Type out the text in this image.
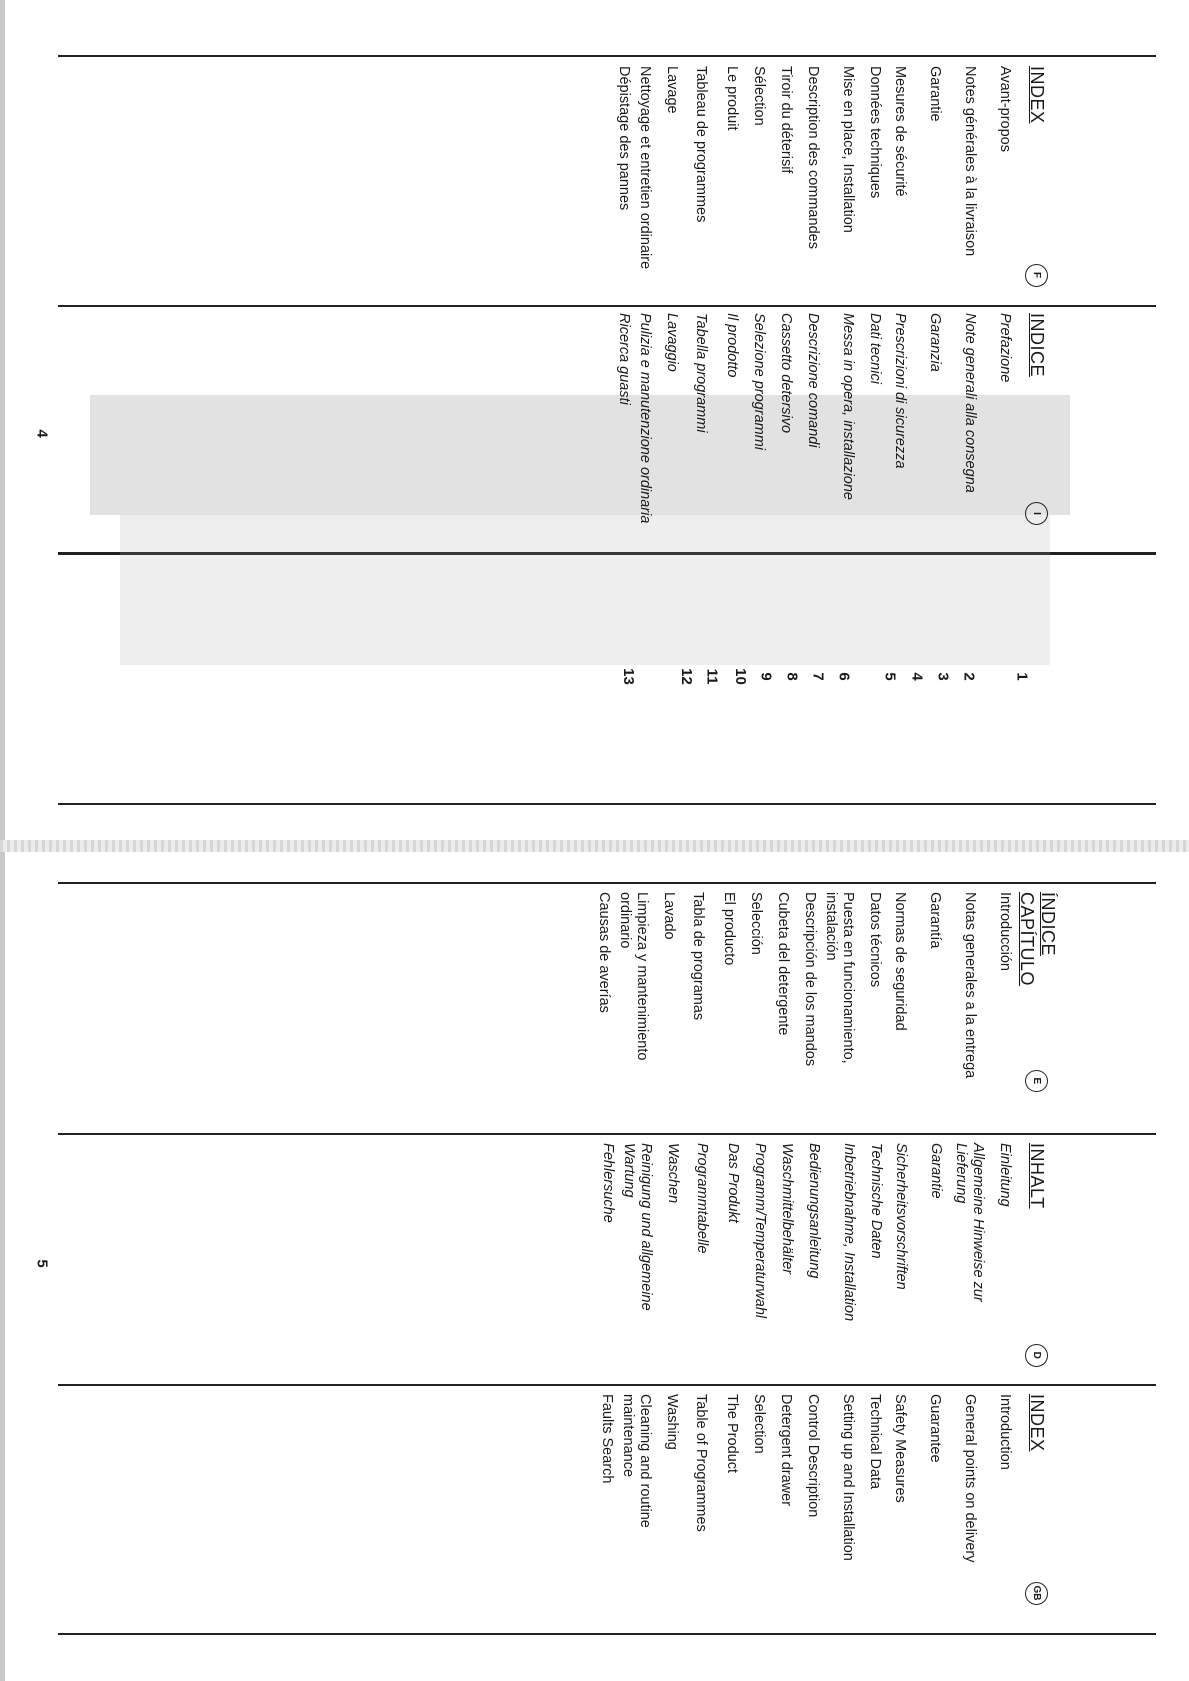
INDEX
F

Avant-propos

Notes générales à la livraison

Garantie

Mesures de sécurité

Données techniques

Mise en place, Installation

Description des commandes

Tiroir du déterisif

Sélection

Le produit

Tableau de programmes

Lavage

Nettoyage et entretien ordinaire

Dépistage des pannes

INDICE
I

Prefazione

Note generali alla consegna

Garanzia

Prescrizioni di sicurezza

Dati tecnici

Messa in opera, installazione

Descrizione comandi

Cassetto detersivo

Selezione programmi

Il prodotto

Tabella programmi

Lavaggio

Pulizia e manutenzione ordinaria

Ricerca guasti

1
2
3
4
5
6
7
8
9
10
11
12
13
ÍNDICE CAPÍTULO
E

Introducción

Notas generales a la entrega

Garantía

Normas de seguridad

Datos técnicos

Puesta en funcionamiento, instalación

Descripción de los mandos

Cubeta del detergente

Selección

El producto

Tabla de programas

Lavado

Limpieza y mantenimiento ordinario

Causas de averías

INHALT
D

Einleitung

Allgemeine Hinweise zur Lieferung

Garantie

Sicherheitsvorschriften

Technische Daten

Inbetriebnahme, Installation

Bedienungsanleitung

Waschmittelbehälter

Programm/Temperaturwahl

Das Produkt

Programmtabelle

Waschen

Reinigung und allgemeine Wartung

Fehlersuche

INDEX
GB

Introduction

General points on delivery

Guarantee

Safety Measures

Technical Data

Setting up and Installation

Control Description

Detergent drawer

Selection

The Product

Table of Programmes

Washing

Cleaning and routine maintenance

Faults Search

4
5
